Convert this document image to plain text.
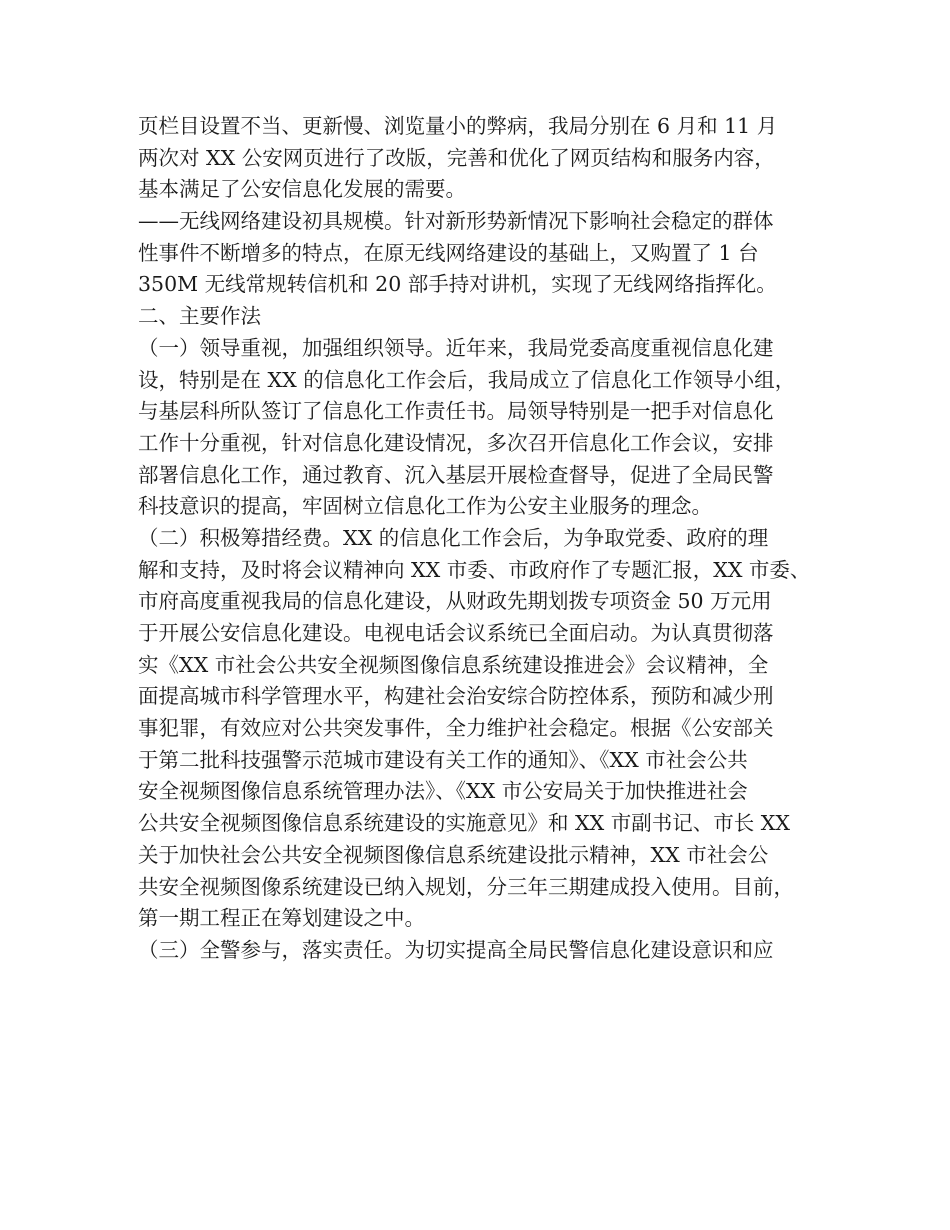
页栏目设置不当、更新慢、浏览量小的弊病，我局分别在 6 月和 11 月
两次对 XX 公安网页进行了改版，完善和优化了网页结构和服务内容，
基本满足了公安信息化发展的需要。
——无线网络建设初具规模。针对新形势新情况下影响社会稳定的群体
性事件不断增多的特点，在原无线网络建设的基础上，又购置了 1 台
350M 无线常规转信机和 20 部手持对讲机，实现了无线网络指挥化。
二、主要作法
（一）领导重视，加强组织领导。近年来，我局党委高度重视信息化建
设，特别是在 XX 的信息化工作会后，我局成立了信息化工作领导小组，
与基层科所队签订了信息化工作责任书。局领导特别是一把手对信息化
工作十分重视，针对信息化建设情况，多次召开信息化工作会议，安排
部署信息化工作，通过教育、沉入基层开展检查督导，促进了全局民警
科技意识的提高，牢固树立信息化工作为公安主业服务的理念。
（二）积极筹措经费。XX 的信息化工作会后，为争取党委、政府的理
解和支持，及时将会议精神向 XX 市委、市政府作了专题汇报，XX 市委、
市府高度重视我局的信息化建设，从财政先期划拨专项资金 50 万元用
于开展公安信息化建设。电视电话会议系统已全面启动。为认真贯彻落
实《XX 市社会公共安全视频图像信息系统建设推进会》会议精神，全
面提高城市科学管理水平，构建社会治安综合防控体系，预防和减少刑
事犯罪，有效应对公共突发事件，全力维护社会稳定。根据《公安部关
于第二批科技强警示范城市建设有关工作的通知》、《XX 市社会公共
安全视频图像信息系统管理办法》、《XX 市公安局关于加快推进社会
公共安全视频图像信息系统建设的实施意见》和 XX 市副书记、市长 XX
关于加快社会公共安全视频图像信息系统建设批示精神，XX 市社会公
共安全视频图像系统建设已纳入规划，分三年三期建成投入使用。目前，
第一期工程正在筹划建设之中。
（三）全警参与，落实责任。为切实提高全局民警信息化建设意识和应
